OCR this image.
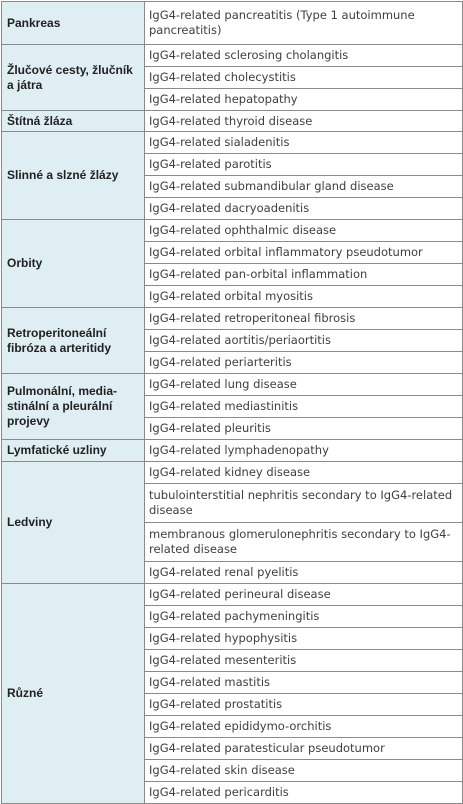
Pankreas	IgG4-related pancreatitis (Type 1 autoimmune pancreatitis)
Žlučové cesty, žlučník a játra	IgG4-related sclerosing cholangitis
	IgG4-related cholecystitis
	IgG4-related hepatopathy
Štítná žláza	IgG4-related thyroid disease
Slinné a slzné žlázy	IgG4-related sialadenitis
	IgG4-related parotitis
	IgG4-related submandibular gland disease
	IgG4-related dacryoadenitis
Orbity	IgG4-related ophthalmic disease
	IgG4-related orbital inflammatory pseudotumor
	IgG4-related pan-orbital inflammation
	IgG4-related orbital myositis
Retroperitoneální fibróza a arteritidy	IgG4-related retroperitoneal fibrosis
	IgG4-related aortitis/periaortitis
	IgG4-related periarteritis
Pulmonální, media-stinální a pleurální projevy	IgG4-related lung disease
	IgG4-related mediastinitis
	IgG4-related pleuritis
Lymfatické uzliny	IgG4-related lymphadenopathy
Ledviny	IgG4-related kidney disease
	tubulointerstitial nephritis secondary to IgG4-related disease
	membranous glomerulonephritis secondary to IgG4-related disease
	IgG4-related renal pyelitis
Různé	IgG4-related perineural disease
	IgG4-related pachymeningitis
	IgG4-related hypophysitis
	IgG4-related mesenteritis
	IgG4-related mastitis
	IgG4-related prostatitis
	IgG4-related epididymo-orchitis
	IgG4-related paratesticular pseudotumor
	IgG4-related skin disease
	IgG4-related pericarditis
